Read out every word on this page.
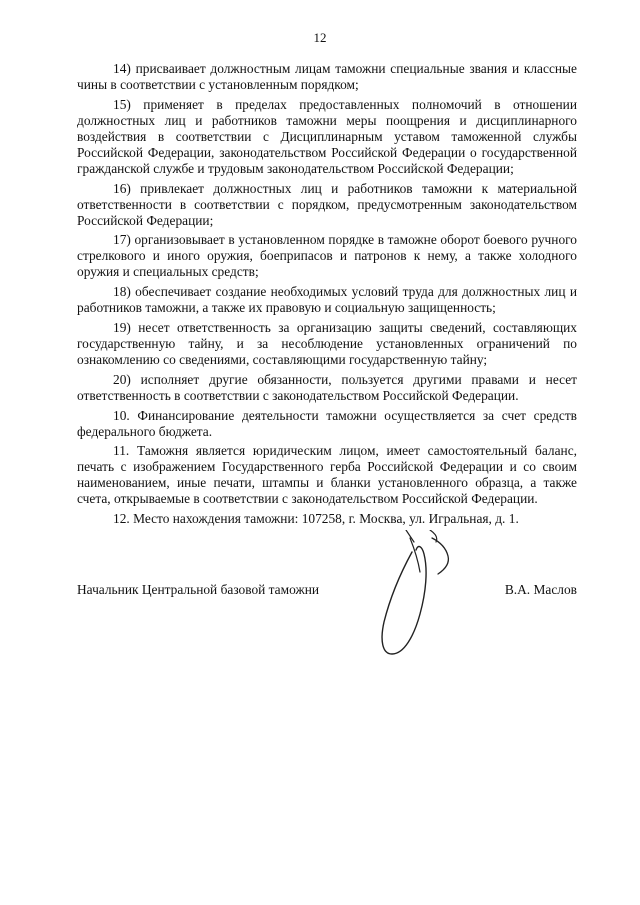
12

14) присваивает должностным лицам таможни специальные звания и классные чины в соответствии с установленным порядком;

15) применяет в пределах предоставленных полномочий в отношении должностных лиц и работников таможни меры поощрения и дисциплинарного воздействия в соответствии с Дисциплинарным уставом таможенной службы Российской Федерации, законодательством Российской Федерации о государственной гражданской службе и трудовым законодательством Российской Федерации;

16) привлекает должностных лиц и работников таможни к материальной ответственности в соответствии с порядком, предусмотренным законодательством Российской Федерации;

17) организовывает в установленном порядке в таможне оборот боевого ручного стрелкового и иного оружия, боеприпасов и патронов к нему, а также холодного оружия и специальных средств;

18) обеспечивает создание необходимых условий труда для должностных лиц и работников таможни, а также их правовую и социальную защищенность;

19) несет ответственность за организацию защиты сведений, составляющих государственную тайну, и за несоблюдение установленных ограничений по ознакомлению со сведениями, составляющими государственную тайну;

20) исполняет другие обязанности, пользуется другими правами и несет ответственность в соответствии с законодательством Российской Федерации.

10. Финансирование деятельности таможни осуществляется за счет средств федерального бюджета.

11. Таможня является юридическим лицом, имеет самостоятельный баланс, печать с изображением Государственного герба Российской Федерации и со своим наименованием, иные печати, штампы и бланки установленного образца, а также счета, открываемые в соответствии с законодательством Российской Федерации.

12. Место нахождения таможни: 107258, г. Москва, ул. Игральная, д. 1.

Начальник Центральной базовой таможни	В.А. Маслов
